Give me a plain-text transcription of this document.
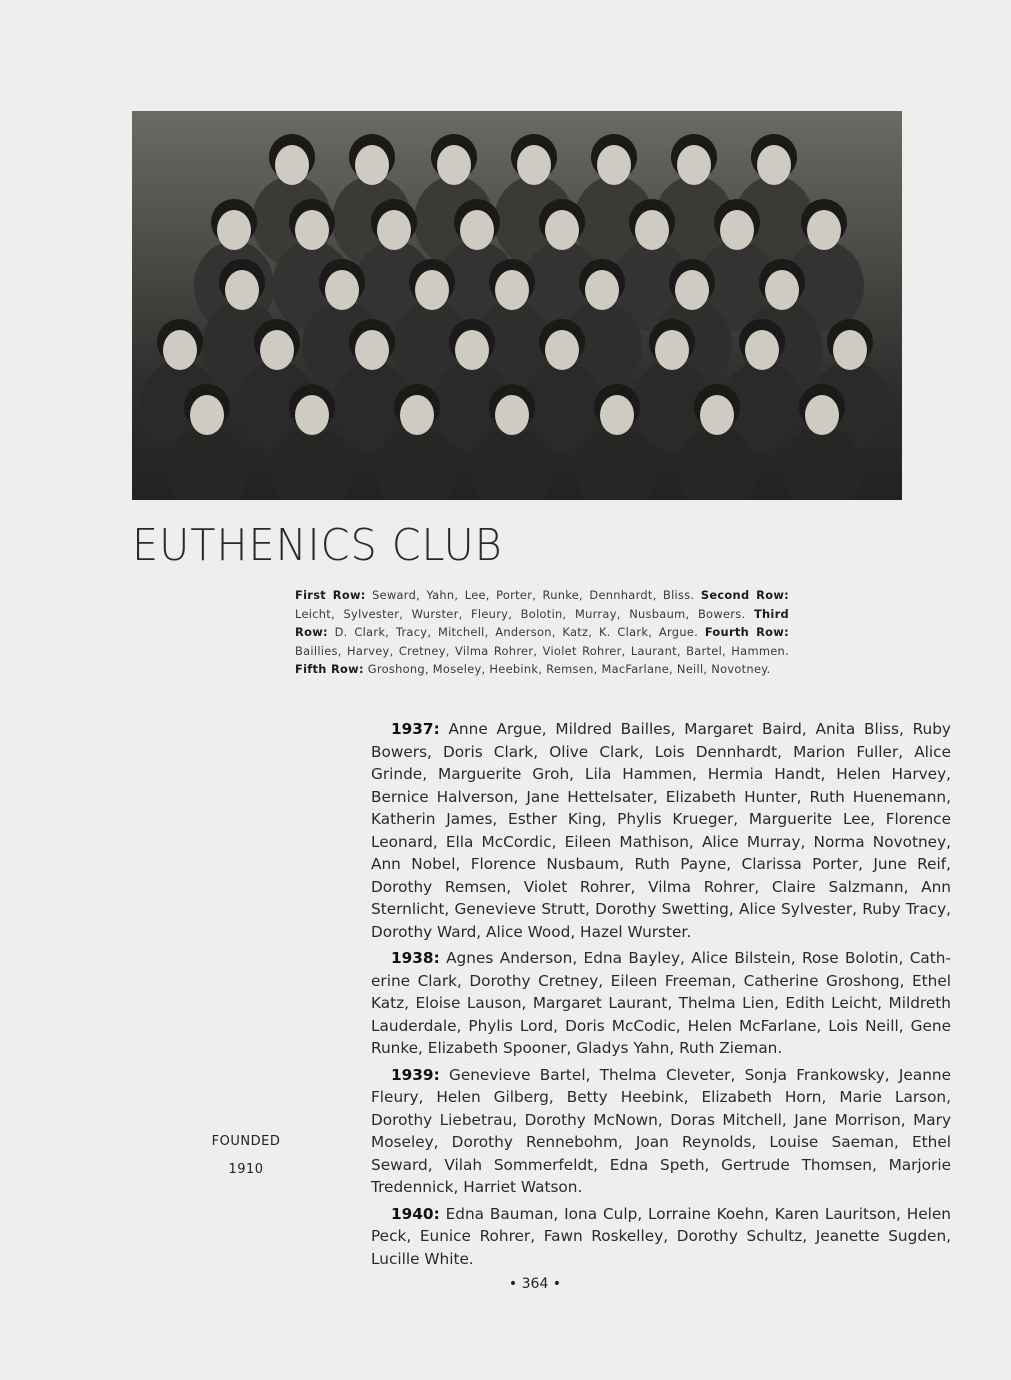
EUTHENICS CLUB
First Row: Seward, Yahn, Lee, Porter, Runke, Dennhardt, Bliss. Second Row: Leicht, Sylvester, Wurster, Fleury, Bolotin, Murray, Nusbaum, Bowers. Third Row: D. Clark, Tracy, Mitchell, Anderson, Katz, K. Clark, Argue. Fourth Row: Baillies, Harvey, Cretney, Vilma Rohrer, Violet Rohrer, Laurant, Bartel, Hammen. Fifth Row: Groshong, Moseley, Heebink, Remsen, MacFarlane, Neill, Novotney.

1937: Anne Argue, Mildred Bailles, Margaret Baird, Anita Bliss, Ruby Bowers, Doris Clark, Olive Clark, Lois Dennhardt, Marion Fuller, Alice Grinde, Marguerite Groh, Lila Hammen, Hermia Handt, Helen Harvey, Bernice Halverson, Jane Hettelsater, Elizabeth Hunter, Ruth Huenemann, Katherin James, Esther King, Phylis Krueger, Marguerite Lee, Florence Leonard, Ella McCordic, Eileen Mathison, Alice Murray, Norma Novotney, Ann Nobel, Florence Nusbaum, Ruth Payne, Clarissa Porter, June Reif, Dorothy Remsen, Violet Rohrer, Vilma Rohrer, Claire Salzmann, Ann Sternlicht, Genevieve Strutt, Dorothy Swetting, Alice Sylvester, Ruby Tracy, Dorothy Ward, Alice Wood, Hazel Wurster.

1938: Agnes Anderson, Edna Bayley, Alice Bilstein, Rose Bolotin, Catherine Clark, Dorothy Cretney, Eileen Freeman, Catherine Groshong, Ethel Katz, Eloise Lauson, Margaret Laurant, Thelma Lien, Edith Leicht, Mildreth Lauderdale, Phylis Lord, Doris McCodic, Helen McFarlane, Lois Neill, Gene Runke, Elizabeth Spooner, Gladys Yahn, Ruth Zieman.

1939: Genevieve Bartel, Thelma Cleveter, Sonja Frankowsky, Jeanne Fleury, Helen Gilberg, Betty Heebink, Elizabeth Horn, Marie Larson, Dorothy Liebetrau, Dorothy McNown, Doras Mitchell, Jane Morrison, Mary Moseley, Dorothy Rennebohm, Joan Reynolds, Louise Saeman, Ethel Seward, Vilah Sommerfeldt, Edna Speth, Gertrude Thomsen, Marjorie Tredennick, Harriet Watson.

1940: Edna Bauman, Iona Culp, Lorraine Koehn, Karen Lauritson, Helen Peck, Eunice Rohrer, Fawn Roskelley, Dorothy Schultz, Jeanette Sugden, Lucille White.

FOUNDED
1910
• 364 •
